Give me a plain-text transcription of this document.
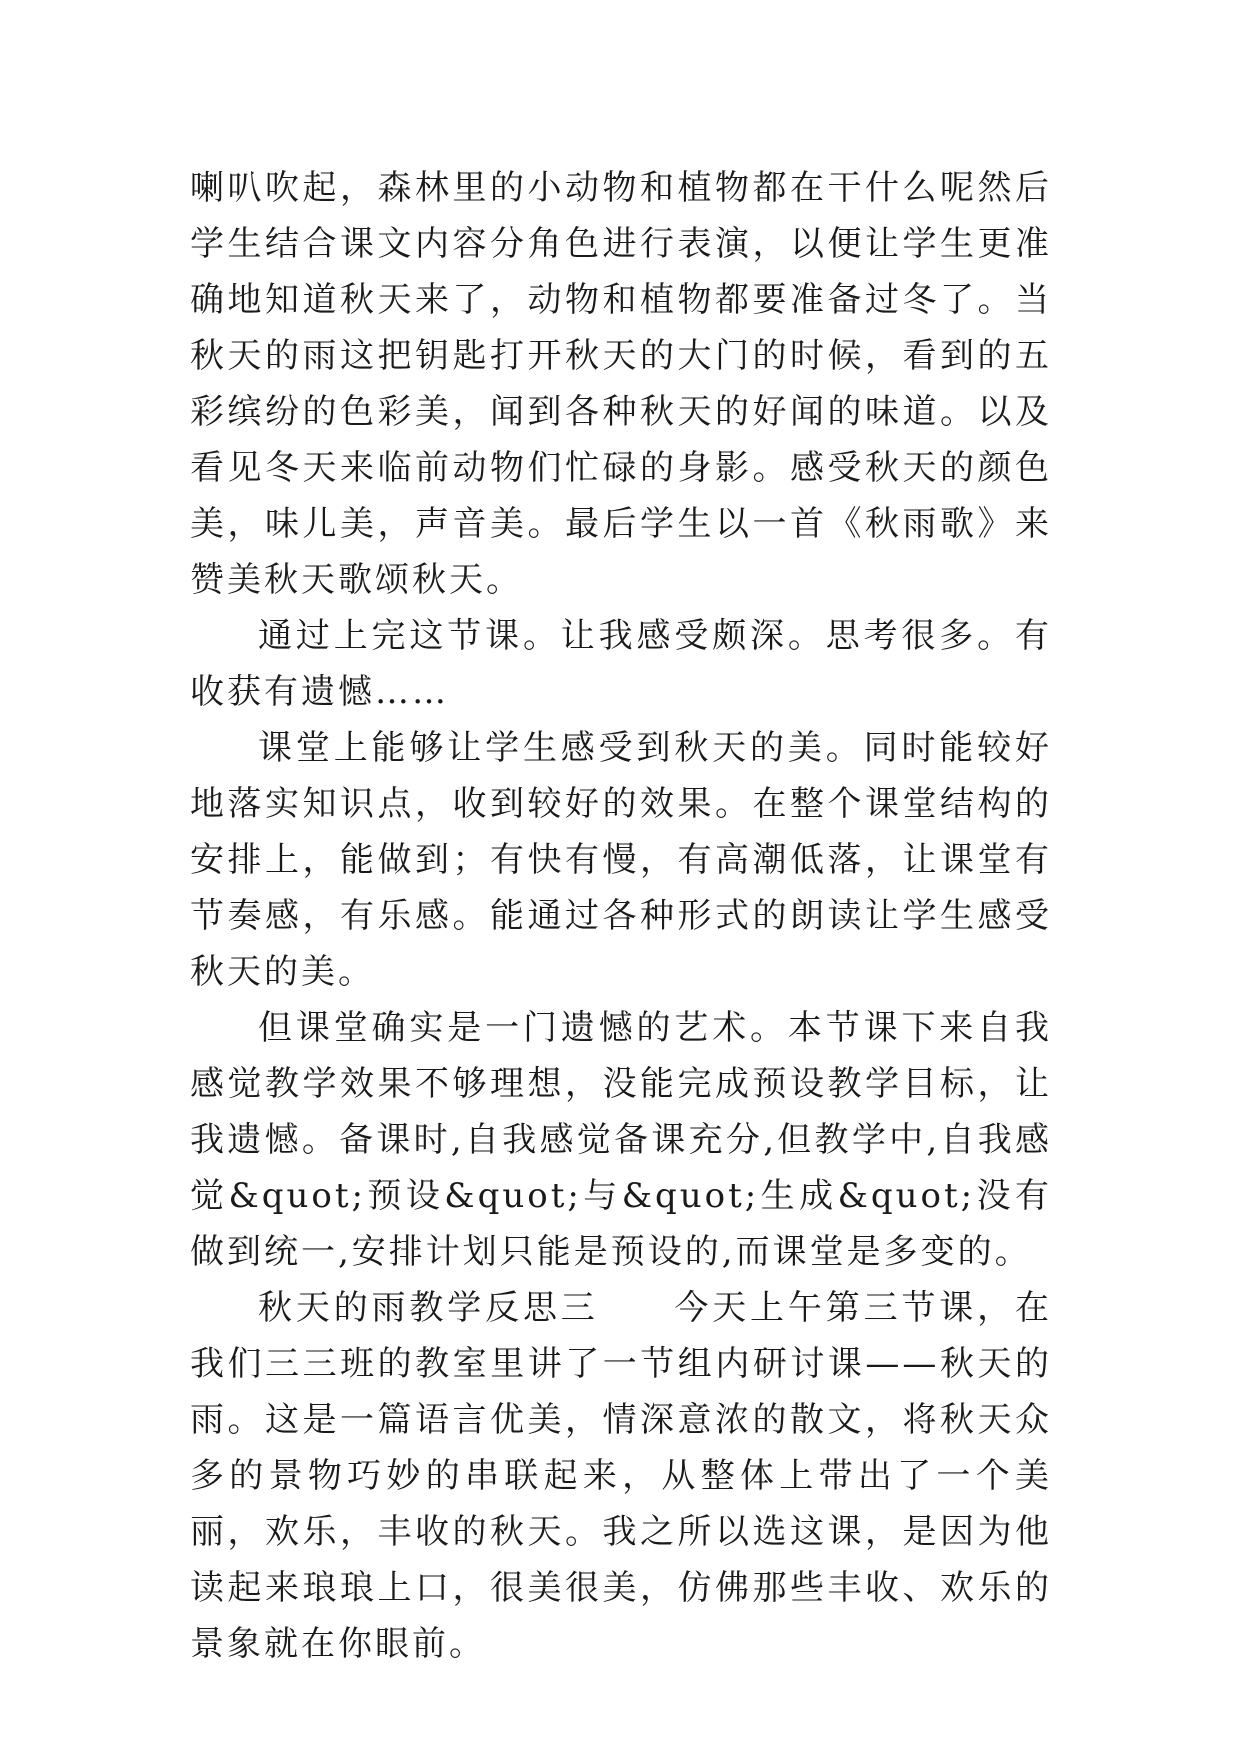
喇叭吹起，森林里的小动物和植物都在干什么呢然后学生结合课文内容分角色进行表演，以便让学生更准确地知道秋天来了，动物和植物都要准备过冬了。当秋天的雨这把钥匙打开秋天的大门的时候，看到的五彩缤纷的色彩美，闻到各种秋天的好闻的味道。以及看见冬天来临前动物们忙碌的身影。感受秋天的颜色美，味儿美，声音美。最后学生以一首《秋雨歌》来赞美秋天歌颂秋天。

通过上完这节课。让我感受颇深。思考很多。有收获有遗憾……

课堂上能够让学生感受到秋天的美。同时能较好地落实知识点，收到较好的效果。在整个课堂结构的安排上，能做到；有快有慢，有高潮低落，让课堂有节奏感，有乐感。能通过各种形式的朗读让学生感受秋天的美。

但课堂确实是一门遗憾的艺术。本节课下来自我感觉教学效果不够理想，没能完成预设教学目标，让我遗憾。备课时,自我感觉备课充分,但教学中,自我感觉&quot;预设&quot;与&quot;生成&quot;没有做到统一,安排计划只能是预设的,而课堂是多变的。

秋天的雨教学反思三　　今天上午第三节课，在我们三三班的教室里讲了一节组内研讨课——秋天的雨。这是一篇语言优美，情深意浓的散文，将秋天众多的景物巧妙的串联起来，从整体上带出了一个美丽，欢乐，丰收的秋天。我之所以选这课，是因为他读起来琅琅上口，很美很美，仿佛那些丰收、欢乐的景象就在你眼前。
